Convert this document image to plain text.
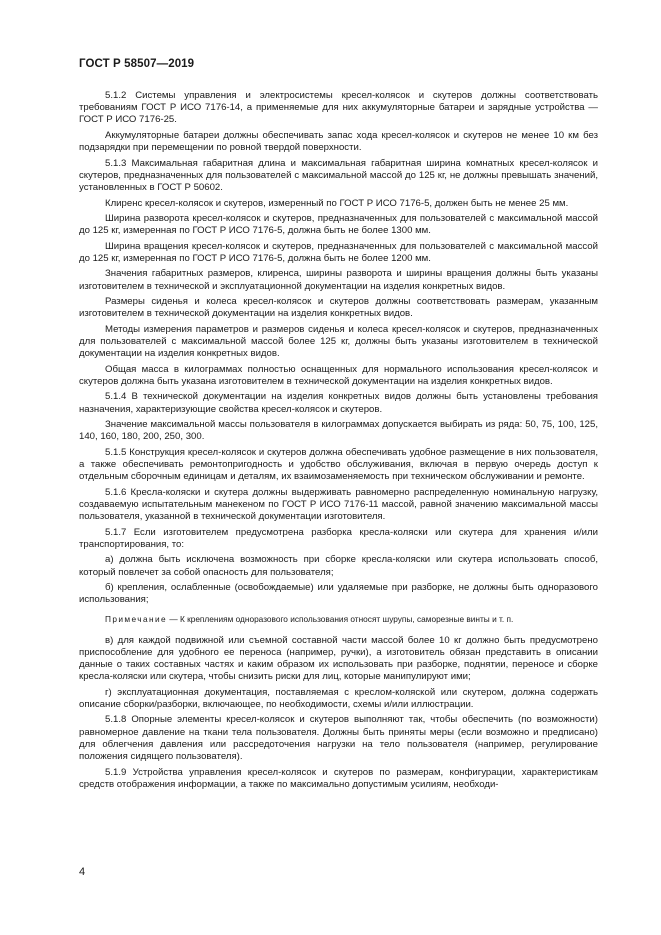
ГОСТ Р 58507—2019

5.1.2 Системы управления и электросистемы кресел-колясок и скутеров должны соответствовать требованиям ГОСТ Р ИСО 7176-14, а применяемые для них аккумуляторные батареи и зарядные устройства — ГОСТ Р ИСО 7176-25.

Аккумуляторные батареи должны обеспечивать запас хода кресел-колясок и скутеров не менее 10 км без подзарядки при перемещении по ровной твердой поверхности.

5.1.3 Максимальная габаритная длина и максимальная габаритная ширина комнатных кресел-колясок и скутеров, предназначенных для пользователей с максимальной массой до 125 кг, не должны превышать значений, установленных в ГОСТ Р 50602.

Клиренс кресел-колясок и скутеров, измеренный по ГОСТ Р ИСО 7176-5, должен быть не менее 25 мм.

Ширина разворота кресел-колясок и скутеров, предназначенных для пользователей с максимальной массой до 125 кг, измеренная по ГОСТ Р ИСО 7176-5, должна быть не более 1300 мм.

Ширина вращения кресел-колясок и скутеров, предназначенных для пользователей с максимальной массой до 125 кг, измеренная по ГОСТ Р ИСО 7176-5, должна быть не более 1200 мм.

Значения габаритных размеров, клиренса, ширины разворота и ширины вращения должны быть указаны изготовителем в технической и эксплуатационной документации на изделия конкретных видов.

Размеры сиденья и колеса кресел-колясок и скутеров должны соответствовать размерам, указанным изготовителем в технической документации на изделия конкретных видов.

Методы измерения параметров и размеров сиденья и колеса кресел-колясок и скутеров, предназначенных для пользователей с максимальной массой более 125 кг, должны быть указаны изготовителем в технической документации на изделия конкретных видов.

Общая масса в килограммах полностью оснащенных для нормального использования кресел-колясок и скутеров должна быть указана изготовителем в технической документации на изделия конкретных видов.

5.1.4 В технической документации на изделия конкретных видов должны быть установлены требования назначения, характеризующие свойства кресел-колясок и скутеров.

Значение максимальной массы пользователя в килограммах допускается выбирать из ряда: 50, 75, 100, 125, 140, 160, 180, 200, 250, 300.

5.1.5 Конструкция кресел-колясок и скутеров должна обеспечивать удобное размещение в них пользователя, а также обеспечивать ремонтопригодность и удобство обслуживания, включая в первую очередь доступ к отдельным сборочным единицам и деталям, их взаимозаменяемость при техническом обслуживании и ремонте.

5.1.6 Кресла-коляски и скутера должны выдерживать равномерно распределенную номинальную нагрузку, создаваемую испытательным манекеном по ГОСТ Р ИСО 7176-11 массой, равной значению максимальной массы пользователя, указанной в технической документации изготовителя.

5.1.7 Если изготовителем предусмотрена разборка кресла-коляски или скутера для хранения и/или транспортирования, то:

а) должна быть исключена возможность при сборке кресла-коляски или скутера использовать способ, который повлечет за собой опасность для пользователя;

б) крепления, ослабленные (освобождаемые) или удаляемые при разборке, не должны быть одноразового использования;

Примечание — К креплениям одноразового использования относят шурупы, саморезные винты и т. п.

в) для каждой подвижной или съемной составной части массой более 10 кг должно быть предусмотрено приспособление для удобного ее переноса (например, ручки), а изготовитель обязан представить в описании данные о таких составных частях и каким образом их использовать при разборке, поднятии, переносе и сборке кресла-коляски или скутера, чтобы снизить риски для лиц, которые манипулируют ими;

г) эксплуатационная документация, поставляемая с креслом-коляской или скутером, должна содержать описание сборки/разборки, включающее, по необходимости, схемы и/или иллюстрации.

5.1.8 Опорные элементы кресел-колясок и скутеров выполняют так, чтобы обеспечить (по возможности) равномерное давление на ткани тела пользователя. Должны быть приняты меры (если возможно и предписано) для облегчения давления или рассредоточения нагрузки на тело пользователя (например, регулирование положения сидящего пользователя).

5.1.9 Устройства управления кресел-колясок и скутеров по размерам, конфигурации, характеристикам средств отображения информации, а также по максимально допустимым усилиям, необходи-

4
